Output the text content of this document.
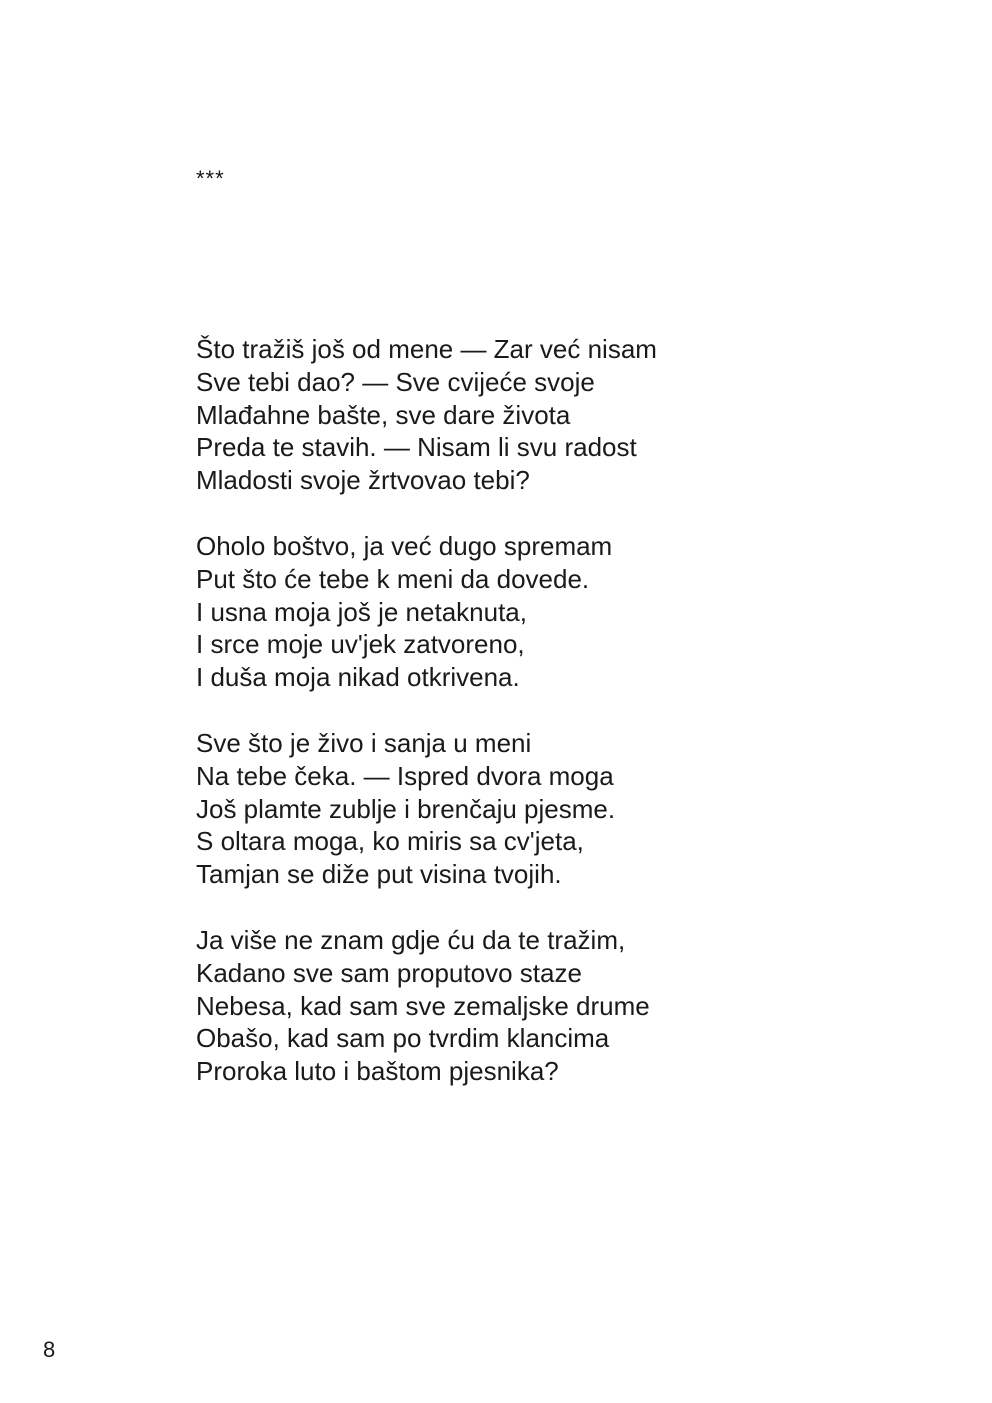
***
Što tražiš još od mene — Zar već nisam
Sve tebi dao? — Sve cvijeće svoje
Mlađahne bašte, sve dare života
Preda te stavih. — Nisam li svu radost
Mladosti svoje žrtvovao tebi?
Oholo boštvo, ja već dugo spremam
Put što će tebe k meni da dovede.
I usna moja još je netaknuta,
I srce moje uv'jek zatvoreno,
I duša moja nikad otkrivena.
Sve što je živo i sanja u meni
Na tebe čeka. — Ispred dvora moga
Još plamte zublje i brenčaju pjesme.
S oltara moga, ko miris sa cv'jeta,
Tamjan se diže put visina tvojih.
Ja više ne znam gdje ću da te tražim,
Kadano sve sam proputovo staze
Nebesa, kad sam sve zemaljske drume
Obašo, kad sam po tvrdim klancima
Proroka luto i baštom pjesnika?
8
